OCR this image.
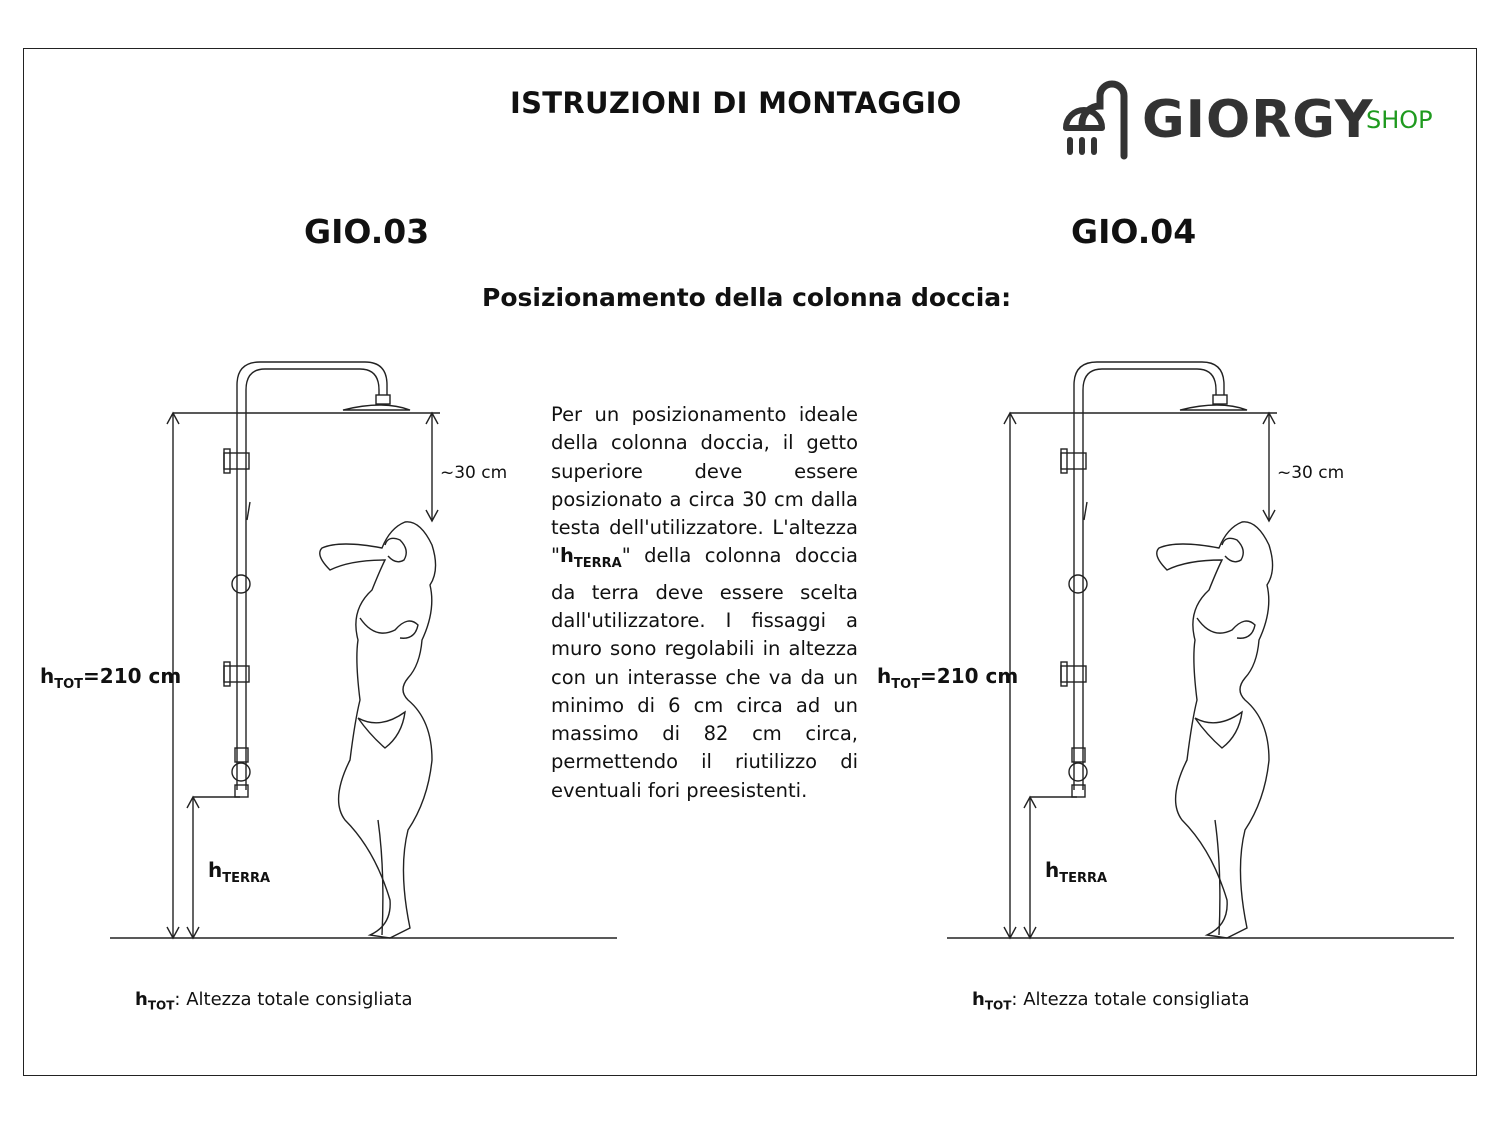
ISTRUZIONI DI MONTAGGIO	GIORGY
SHOP
GIO.03	GIO.04
Posizionamento della colonna doccia:
Per un posizionamento ideale della colonna doccia, il getto superiore deve essere posizionato a circa 30 cm dalla testa dell'utilizzatore. L'altezza "$h_{TERRA}$" della colonna doccia da terra deve essere scelta dall'utilizzatore. I fissaggi a muro sono regolabili in altezza con un interasse che va da un minimo di 6 cm circa ad un massimo di 82 cm circa, permettendo il riutilizzo di eventuali fori preesistenti.
$h_{TOT}=210$ cm
$h_{TERRA}$
~30 cm
$h_{TOT}$: Altezza totale consigliata
$h_{TOT}=210$ cm
$h_{TERRA}$
~30 cm
$h_{TOT}$: Altezza totale consigliata
